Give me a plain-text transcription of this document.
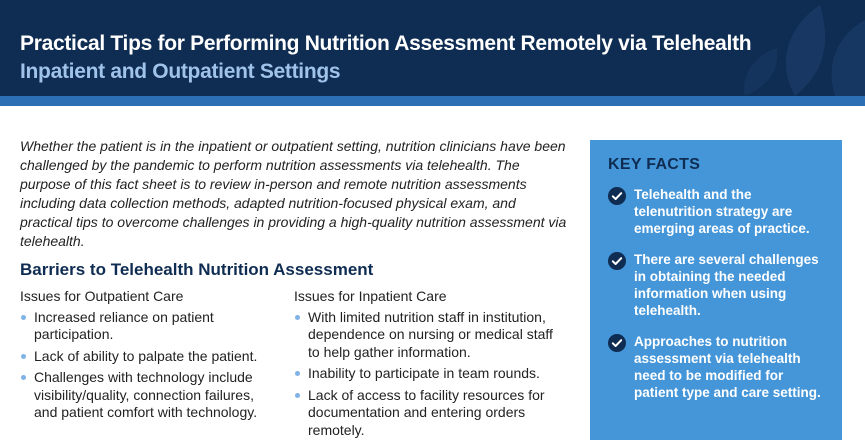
Practical Tips for Performing Nutrition Assessment Remotely via Telehealth
Inpatient and Outpatient Settings

Whether the patient is in the inpatient or outpatient setting, nutrition clinicians have been challenged by the pandemic to perform nutrition assessments via telehealth. The purpose of this fact sheet is to review in-person and remote nutrition assessments including data collection methods, adapted nutrition-focused physical exam, and practical tips to overcome challenges in providing a high-quality nutrition assessment via telehealth.

Barriers to Telehealth Nutrition Assessment
Issues for Outpatient Care
Increased reliance on patient participation.
Lack of ability to palpate the patient.
Challenges with technology include visibility/quality, connection failures, and patient comfort with technology.
Issues for Inpatient Care
With limited nutrition staff in institution, dependence on nursing or medical staff to help gather information.
Inability to participate in team rounds.
Lack of access to facility resources for documentation and entering orders remotely.
KEY FACTS
Telehealth and the telenutrition strategy are emerging areas of practice.
There are several challenges in obtaining the needed information when using telehealth.
Approaches to nutrition assessment via telehealth need to be modified for patient type and care setting.
